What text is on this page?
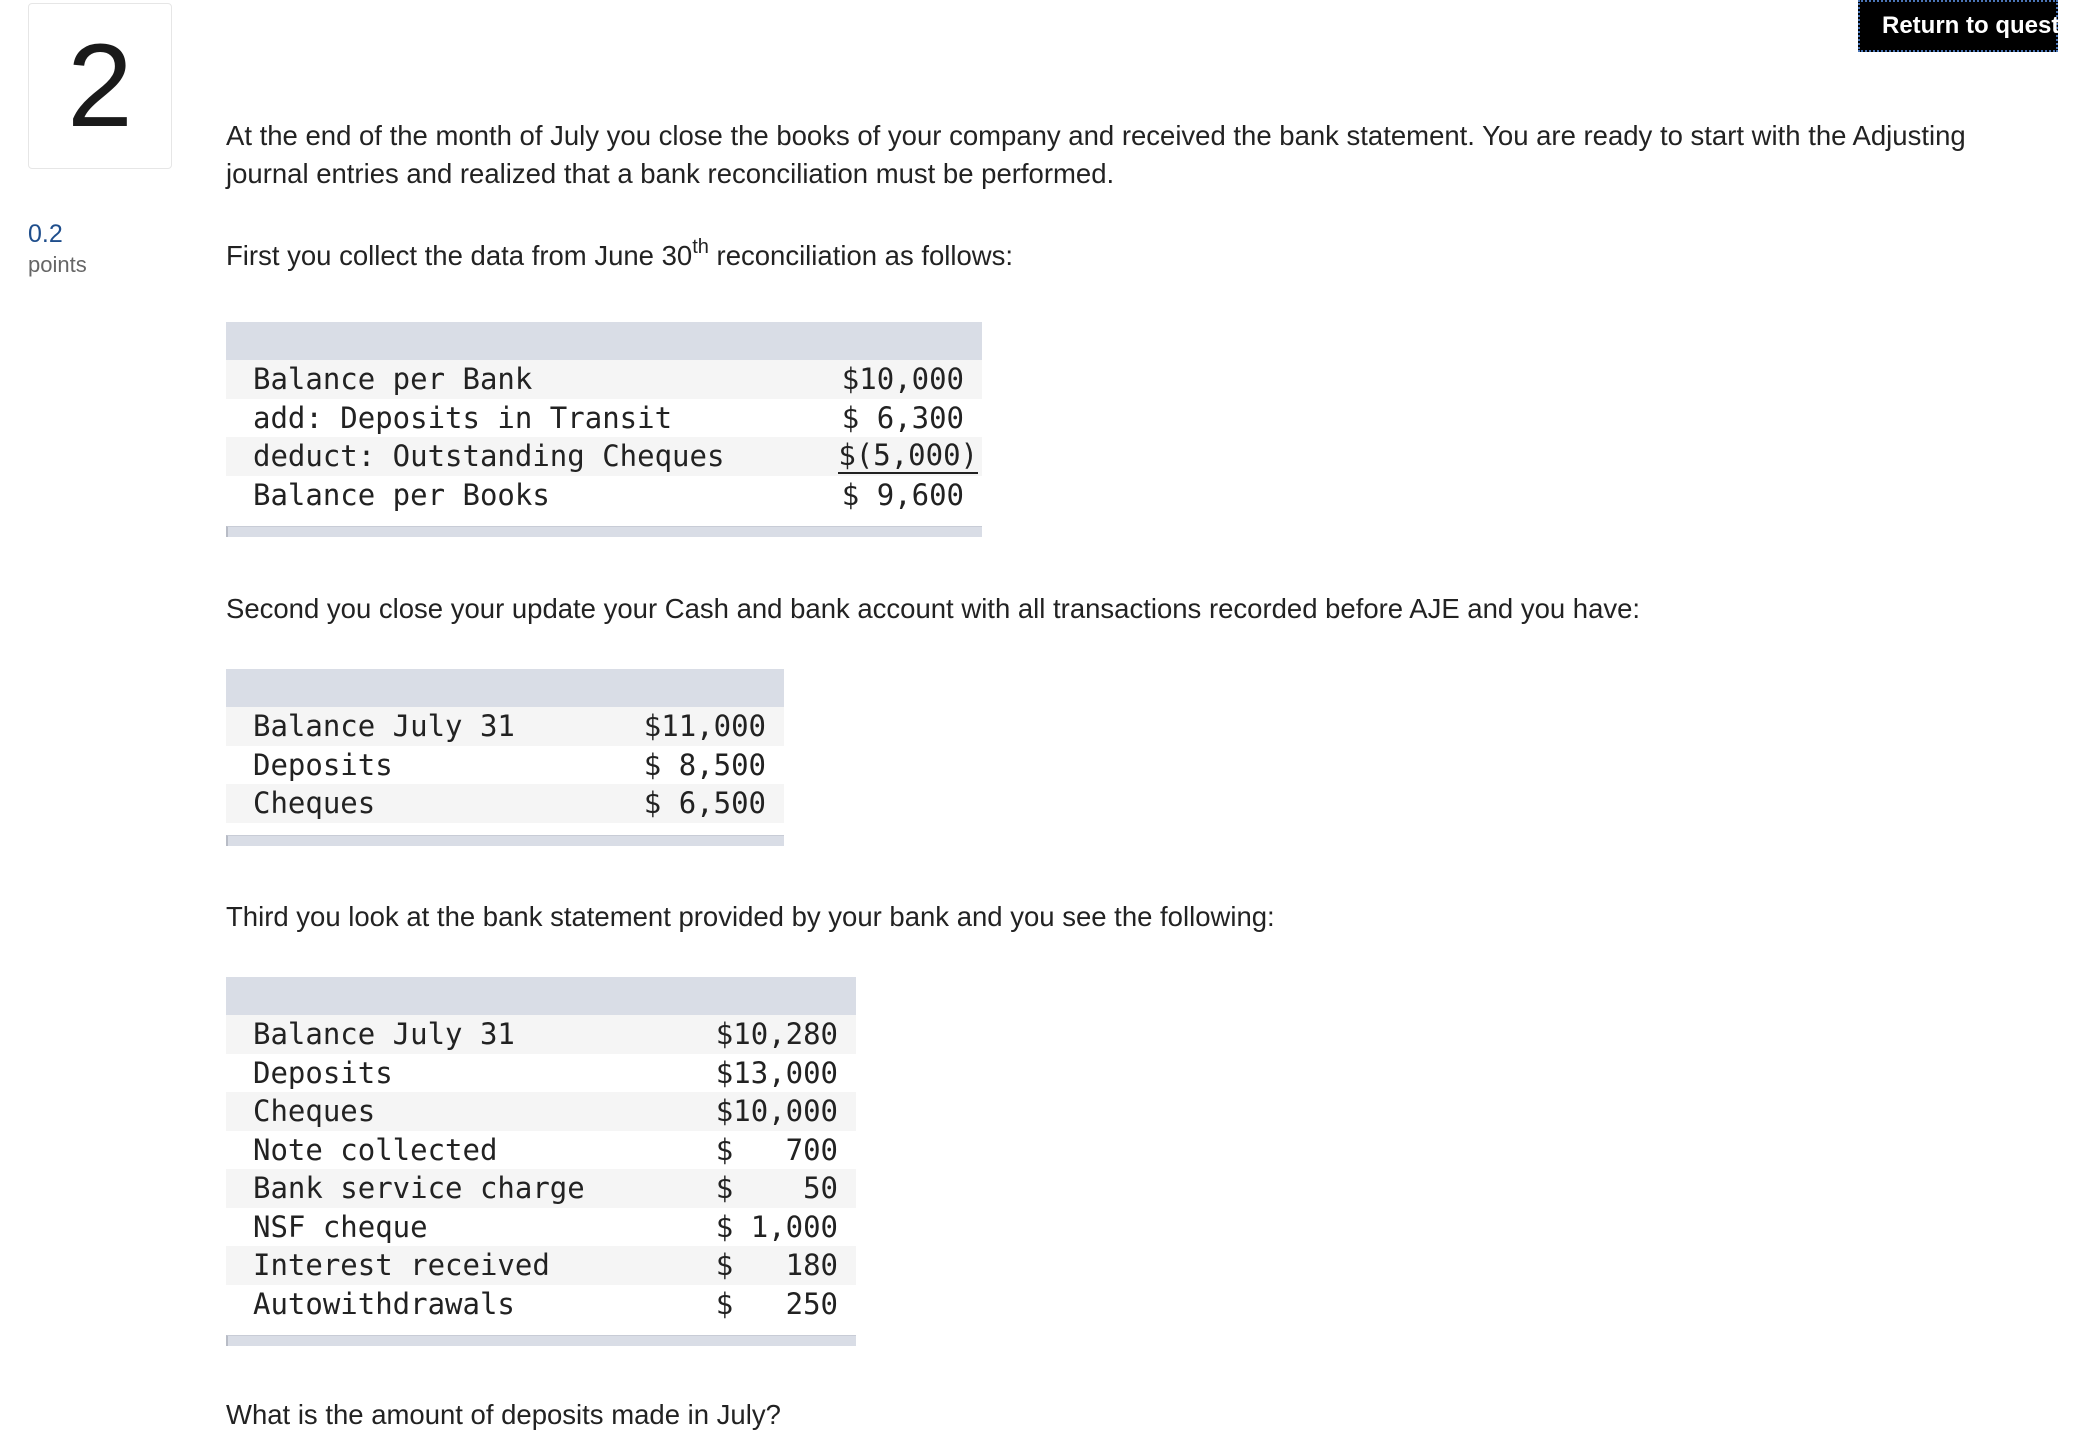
2
0.2
points
Return to question
At the end of the month of July you close the books of your company and received the bank statement. You are ready to start with the Adjusting
journal entries and realized that a bank reconciliation must be performed.
First you collect the data from June 30th reconciliation as follows:
Balance per Bank	$10,000
add: Deposits in Transit	$ 6,300
deduct: Outstanding Cheques	$(5,000)
Balance per Books	$ 9,600
Second you close your update your Cash and bank account with all transactions recorded before AJE and you have:
Balance July 31	$11,000
Deposits	$ 8,500
Cheques	$ 6,500
Third you look at the bank statement provided by your bank and you see the following:
Balance July 31	$10,280
Deposits	$13,000
Cheques	$10,000
Note collected	$   700
Bank service charge	$    50
NSF cheque	$ 1,000
Interest received	$   180
Autowithdrawals	$   250
What is the amount of deposits made in July?
